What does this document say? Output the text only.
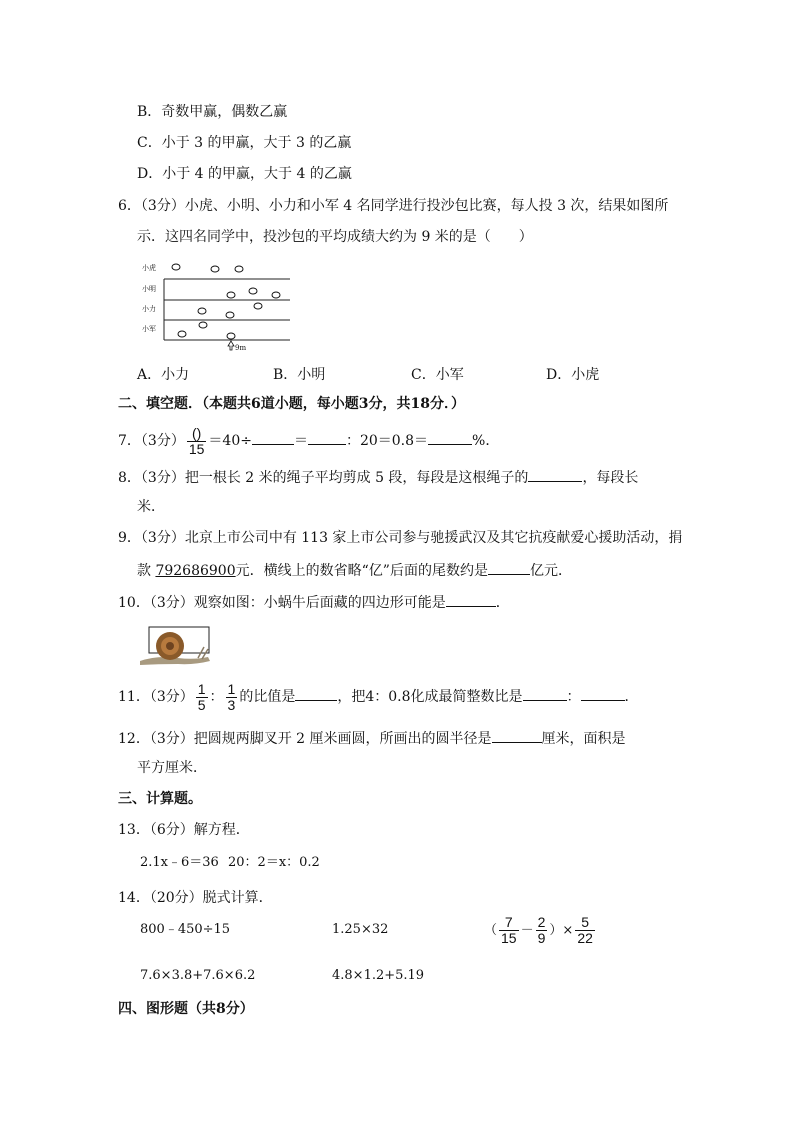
B．奇数甲赢，偶数乙赢
C．小于 3 的甲赢，大于 3 的乙赢
D．小于 4 的甲赢，大于 4 的乙赢
6．（3分）小虎、小明、小力和小军 4 名同学进行投沙包比赛，每人投 3 次，结果如图所
示．这四名同学中，投沙包的平均成绩大约为 9 米的是（　　）
小虎
小明
小力
小军
9m
A．小力	B．小明	C．小军	D．小虎
二、填空题．（本题共6道小题，每小题3分，共18分．）
7．（3分） $\frac{()}{15} =40\div$	＝	：20＝0.8＝	%．
8．（3分）把一根长 2 米的绳子平均剪成 5 段，每段是这根绳子的	，每段长
米．
9．（3分）北京上市公司中有 113 家上市公司参与驰援武汉及其它抗疫献爱心援助活动，捐
款 792686900元．横线上的数省略“亿”后面的尾数约是	亿元．
10．（3分）观察如图：小蜗牛后面藏的四边形可能是	．
11．（3分） $\frac{1}{5}$ ： $\frac{1}{3}$ 的比值是	，把4：0.8化成最简整数比是	：	．
12．（3分）把圆规两脚叉开 2 厘米画圆，所画出的圆半径是	厘米，面积是
平方厘米．
三、计算题。
13．（6分）解方程．
2.1x﹣6＝36 20：2＝x：0.2
14．（20分）脱式计算．
800﹣450÷15	1.25×32	（ $\frac{7}{15} - \frac{2}{9}$ ）× $\frac{5}{22}$
7.6×3.8+7.6×6.2	4.8×1.2+5.19
四、图形题（共8分）
